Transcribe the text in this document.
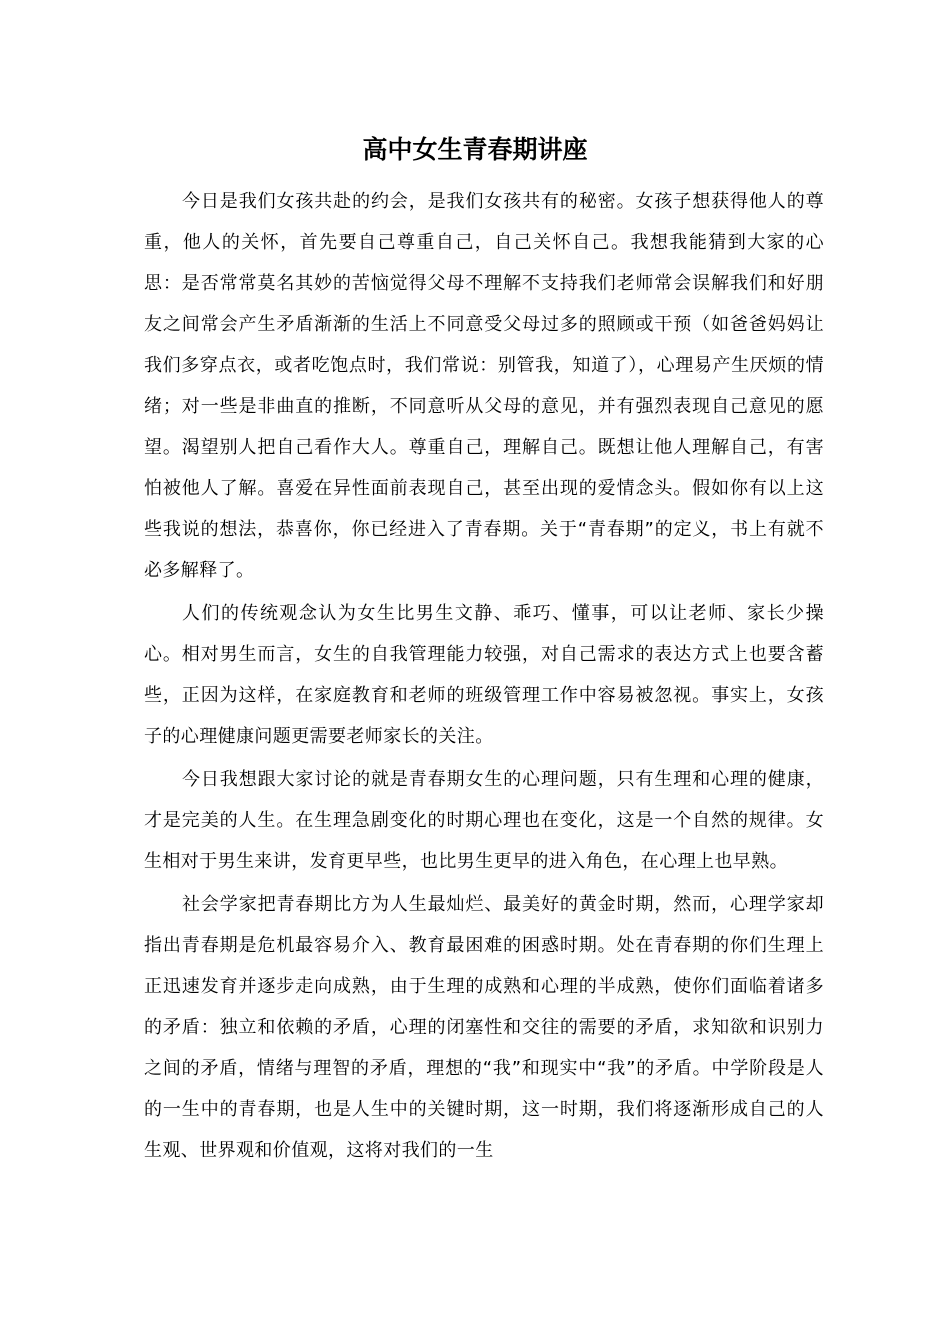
高中女生青春期讲座

今日是我们女孩共赴的约会，是我们女孩共有的秘密。女孩子想获得他人的尊重，他人的关怀，首先要自己尊重自己，自己关怀自己。我想我能猜到大家的心思：是否常常莫名其妙的苦恼觉得父母不理解不支持我们老师常会误解我们和好朋友之间常会产生矛盾渐渐的生活上不同意受父母过多的照顾或干预（如爸爸妈妈让我们多穿点衣，或者吃饱点时，我们常说：别管我，知道了），心理易产生厌烦的情绪；对一些是非曲直的推断，不同意听从父母的意见，并有强烈表现自己意见的愿望。渴望别人把自己看作大人。尊重自己，理解自己。既想让他人理解自己，有害怕被他人了解。喜爱在异性面前表现自己，甚至出现的爱情念头。假如你有以上这些我说的想法，恭喜你，你已经进入了青春期。关于“青春期”的定义，书上有就不必多解释了。

人们的传统观念认为女生比男生文静、乖巧、懂事，可以让老师、家长少操心。相对男生而言，女生的自我管理能力较强，对自己需求的表达方式上也要含蓄些，正因为这样，在家庭教育和老师的班级管理工作中容易被忽视。事实上，女孩子的心理健康问题更需要老师家长的关注。

今日我想跟大家讨论的就是青春期女生的心理问题，只有生理和心理的健康，才是完美的人生。在生理急剧变化的时期心理也在变化，这是一个自然的规律。女生相对于男生来讲，发育更早些，也比男生更早的进入角色，在心理上也早熟。

社会学家把青春期比方为人生最灿烂、最美好的黄金时期，然而，心理学家却指出青春期是危机最容易介入、教育最困难的困惑时期。处在青春期的你们生理上正迅速发育并逐步走向成熟，由于生理的成熟和心理的半成熟，使你们面临着诸多的矛盾：独立和依赖的矛盾，心理的闭塞性和交往的需要的矛盾，求知欲和识别力之间的矛盾，情绪与理智的矛盾，理想的“我”和现实中“我”的矛盾。中学阶段是人的一生中的青春期，也是人生中的关键时期，这一时期，我们将逐渐形成自己的人生观、世界观和价值观，这将对我们的一生
